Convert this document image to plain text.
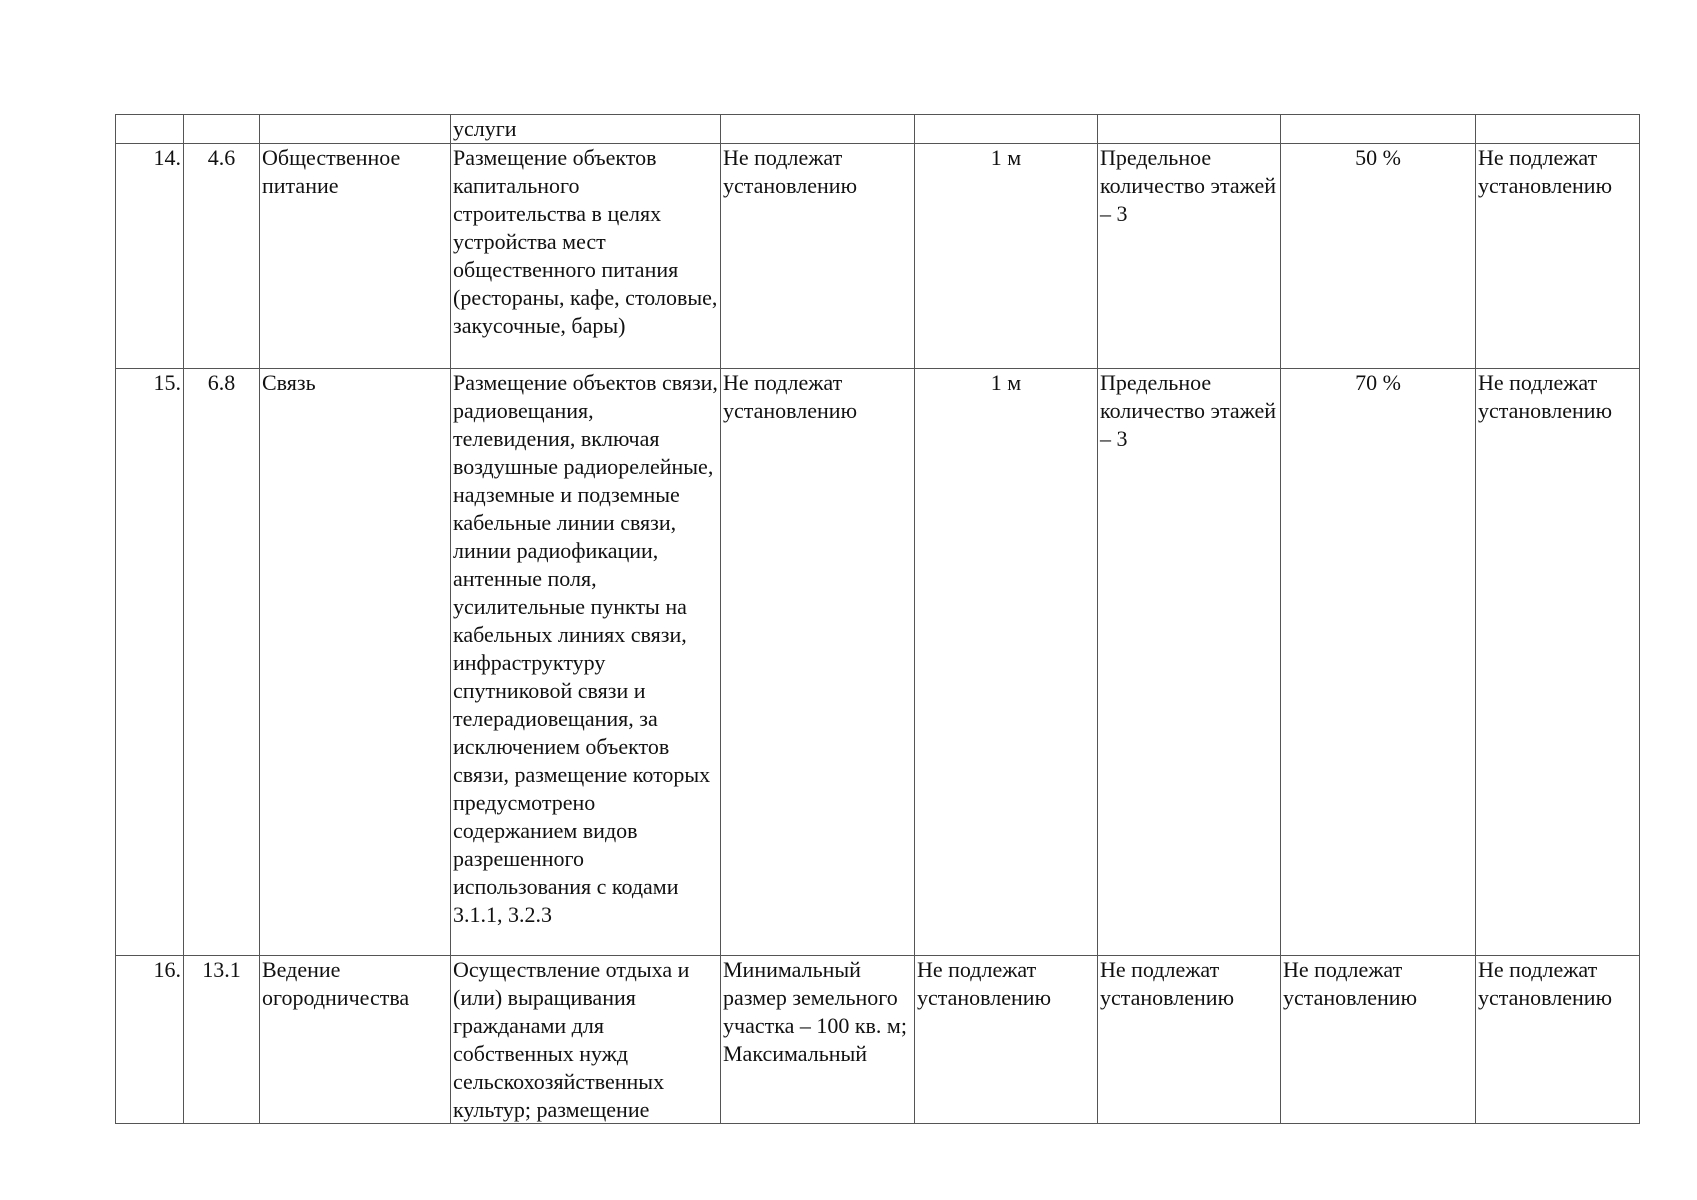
			услуги					
14.	4.6	Общественное питание	Размещение объектов капитального строительства в целях устройства мест общественного питания (рестораны, кафе, столовые, закусочные, бары)	Не подлежат установлению	1 м	Предельное количество этажей – 3	50 %	Не подлежат установлению
15.	6.8	Связь	Размещение объектов связи, радиовещания, телевидения, включая воздушные радиорелейные, надземные и подземные кабельные линии связи, линии радиофикации, антенные поля, усилительные пункты на кабельных линиях связи, инфраструктуру спутниковой связи и телерадиовещания, за исключением объектов связи, размещение которых предусмотрено содержанием видов разрешенного использования с кодами 3.1.1, 3.2.3	Не подлежат установлению	1 м	Предельное количество этажей – 3	70 %	Не подлежат установлению
16.	13.1	Ведение огородничества	Осуществление отдыха и (или) выращивания гражданами для собственных нужд сельскохозяйственных культур; размещение	Минимальный размер земельного участка – 100 кв. м; Максимальный	Не подлежат установлению	Не подлежат установлению	Не подлежат установлению	Не подлежат установлению
